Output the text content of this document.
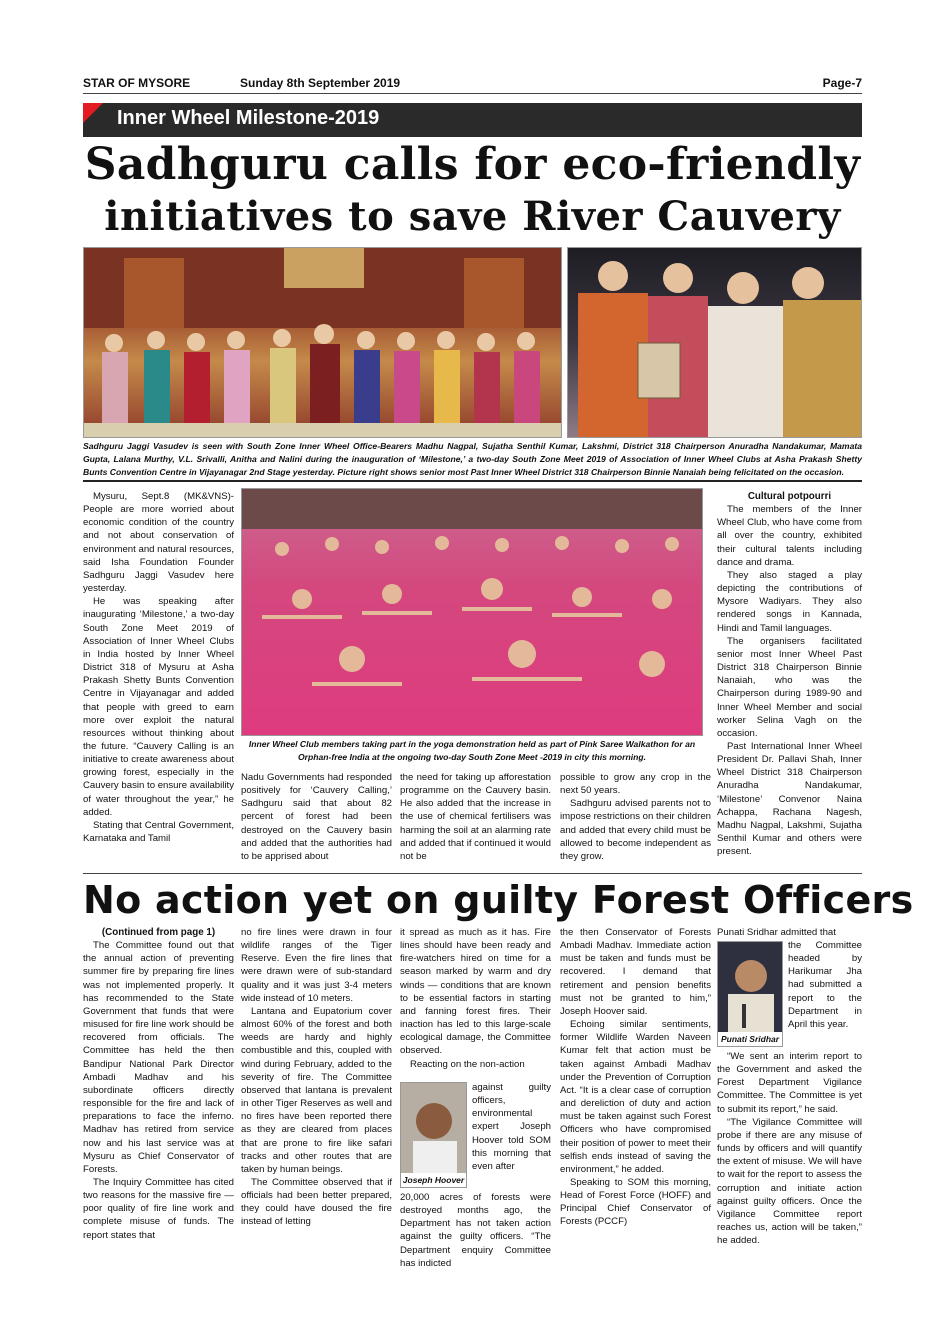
STAR OF MYSORE	Sunday 8th September 2019	Page-7
Inner Wheel Milestone-2019
Sadhguru calls for eco-friendly
initiatives to save River Cauvery
Sadhguru Jaggi Vasudev is seen with South Zone Inner Wheel Office-Bearers Madhu Nagpal, Sujatha Senthil Kumar, Lakshmi, District 318 Chairperson Anuradha Nandakumar, Mamata Gupta, Lalana Murthy, V.L. Srivalli, Anitha and Nalini during the inauguration of ‘Milestone,’ a two-day South Zone Meet 2019 of Association of Inner Wheel Clubs at Asha Prakash Shetty Bunts Convention Centre in Vijayanagar 2nd Stage yesterday. Picture right shows senior most Past Inner Wheel District 318 Chairperson Binnie Nanaiah being felicitated on the occasion.
Inner Wheel Club members taking part in the yoga demonstration held as part of Pink Saree Walkathon for an Orphan-free India at the ongoing two-day South Zone Meet -2019 in city this morning.

Mysuru, Sept.8 (MK&VNS)- People are more worried about economic condition of the country and not about conservation of environment and natural resources, said Isha Foundation Founder Sadhguru Jaggi Vasudev here yesterday.

He was speaking after inaugurating ‘Milestone,’ a two-day South Zone Meet 2019 of Association of Inner Wheel Clubs in India hosted by Inner Wheel District 318 of Mysuru at Asha Prakash Shetty Bunts Convention Centre in Vijayanagar and added that people with greed to earn more over exploit the natural resources without thinking about the future. “Cauvery Calling is an initiative to create awareness about growing forest, especially in the Cauvery basin to ensure availability of water throughout the year,” he added.

Stating that Central Government, Karnataka and Tamil

Nadu Governments had responded positively for ‘Cauvery Calling,’ Sadhguru said that about 82 percent of forest had been destroyed on the Cauvery basin and added that the authorities had to be apprised about

the need for taking up afforestation programme on the Cauvery basin. He also added that the increase in the use of chemical fertilisers was harming the soil at an alarming rate and added that if continued it would not be

possible to grow any crop in the next 50 years.

Sadhguru advised parents not to impose restrictions on their children and added that every child must be allowed to become independent as they grow.

Cultural potpourri

The members of the Inner Wheel Club, who have come from all over the country, exhibited their cultural talents including dance and drama.

They also staged a play depicting the contributions of Mysore Wadiyars. They also rendered songs in Kannada, Hindi and Tamil languages.

The organisers facilitated senior most Inner Wheel Past District 318 Chairperson Binnie Nanaiah, who was the Chairperson during 1989-90 and Inner Wheel Member and social worker Selina Vagh on the occasion.

Past International Inner Wheel President Dr. Pallavi Shah, Inner Wheel District 318 Chairperson Anuradha Nandakumar, ‘Milestone’ Convenor Naina Achappa, Rachana Nagesh, Madhu Nagpal, Lakshmi, Sujatha Senthil Kumar and others were present.

No action yet on guilty Forest Officers
(Continued from page 1)

The Committee found out that the annual action of preventing summer fire by preparing fire lines was not implemented properly. It has recommended to the State Government that funds that were misused for fire line work should be recovered from officials. The Committee has held the then Bandipur National Park Director Ambadi Madhav and his subordinate officers directly responsible for the fire and lack of preparations to face the inferno. Madhav has retired from service now and his last service was at Mysuru as Chief Conservator of Forests.

The Inquiry Committee has cited two reasons for the massive fire — poor quality of fire line work and complete misuse of funds. The report states that

no fire lines were drawn in four wildlife ranges of the Tiger Reserve. Even the fire lines that were drawn were of sub-standard quality and it was just 3-4 meters wide instead of 10 meters.

Lantana and Eupatorium cover almost 60% of the forest and both weeds are hardy and highly combustible and this, coupled with wind during February, added to the severity of fire. The Committee observed that lantana is prevalent in other Tiger Reserves as well and no fires have been reported there as they are cleared from places that are prone to fire like safari tracks and other routes that are taken by human beings.

The Committee observed that if officials had been better prepared, they could have doused the fire instead of letting

it spread as much as it has. Fire lines should have been ready and fire-watchers hired on time for a season marked by warm and dry winds — conditions that are known to be essential factors in starting and fanning forest fires. Their inaction has led to this large-scale ecological damage, the Committee observed.

Reacting on the non-action

Joseph Hoover

against guilty officers, environmental expert Joseph Hoover told SOM this morning that even after

20,000 acres of forests were destroyed months ago, the Department has not taken action against the guilty officers. “The Department enquiry Committee has indicted

the then Conservator of Forests Ambadi Madhav. Immediate action must be taken and funds must be recovered. I demand that retirement and pension benefits must not be granted to him,” Joseph Hoover said.

Echoing similar sentiments, former Wildlife Warden Naveen Kumar felt that action must be taken against Ambadi Madhav under the Prevention of Corruption Act. “It is a clear case of corruption and dereliction of duty and action must be taken against such Forest Officers who have compromised their position of power to meet their selfish ends instead of saving the environment,” he added.

Speaking to SOM this morning, Head of Forest Force (HOFF) and Principal Chief Conservator of Forests (PCCF)

Punati Sridhar admitted that

Punati Sridhar

the Committee headed by Harikumar Jha had submitted a report to the Department in April this year.

“We sent an interim report to the Government and asked the Forest Department Vigilance Committee. The Committee is yet to submit its report,” he said.

“The Vigilance Committee will probe if there are any misuse of funds by officers and will quantify the extent of misuse. We will have to wait for the report to assess the corruption and initiate action against guilty officers. Once the Vigilance Committee report reaches us, action will be taken,” he added.
